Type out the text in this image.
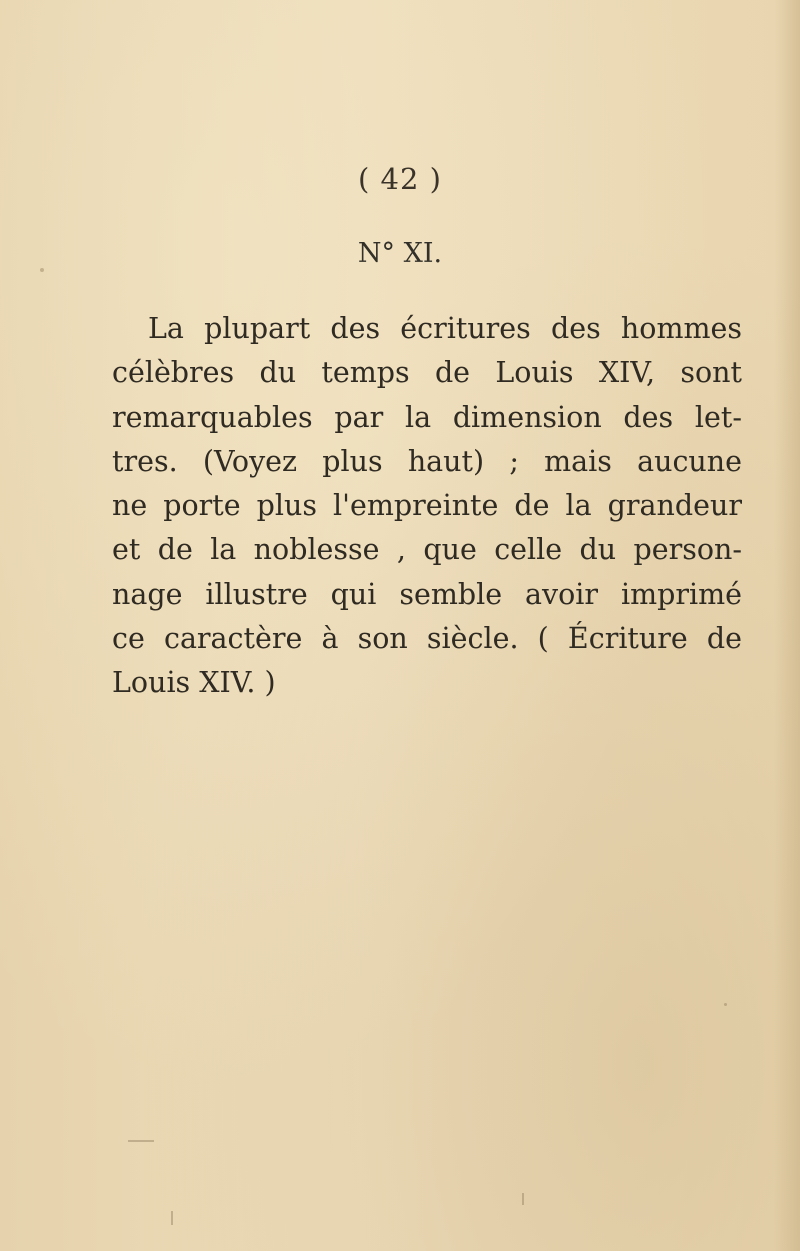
( 42 )
N° XI.
La plupart des écritures des hommes
célèbres du temps de Louis XIV, sont
remarquables par la dimension des let-
tres. (Voyez plus haut) ; mais aucune
ne porte plus l'empreinte de la grandeur
et de la noblesse , que celle du person-
nage illustre qui semble avoir imprimé
ce caractère à son siècle. ( Écriture de
Louis XIV. )
